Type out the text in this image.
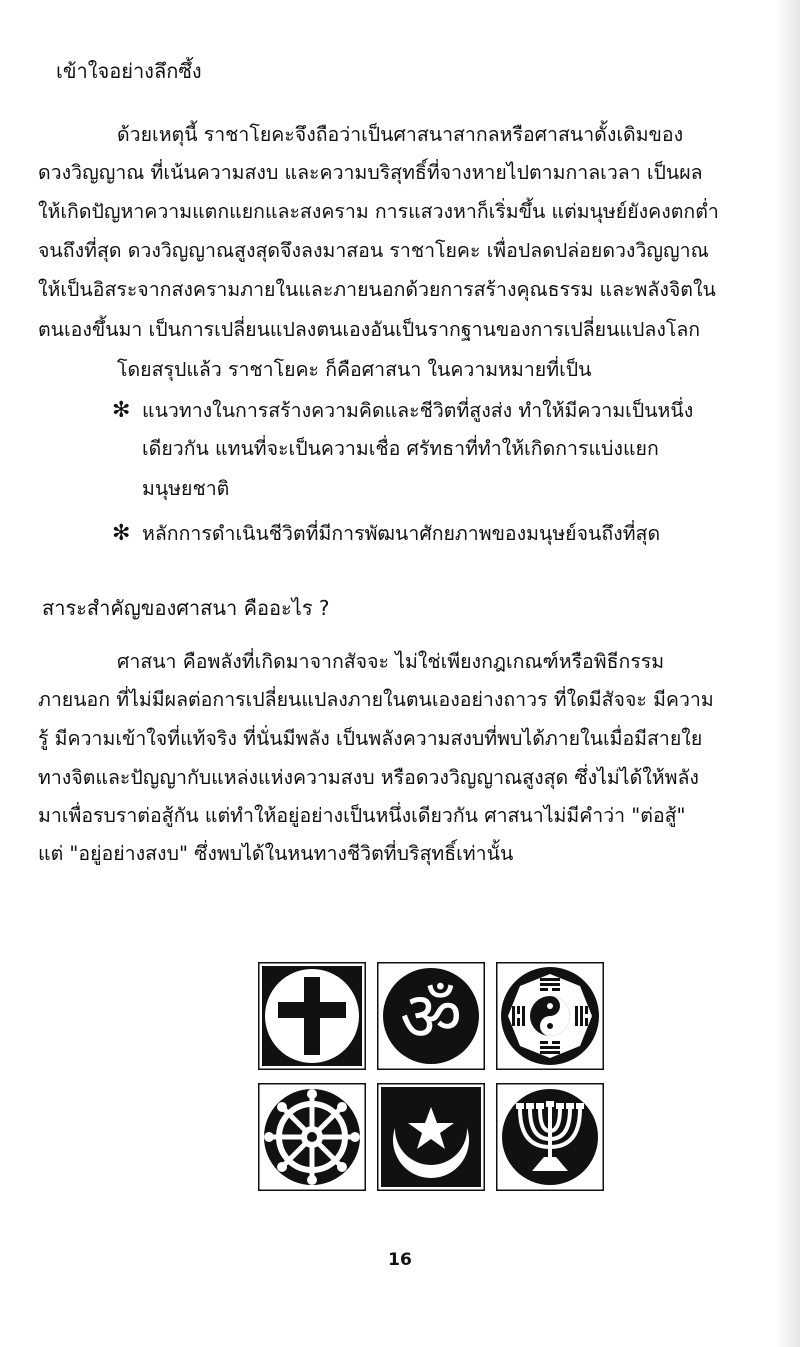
เข้าใจอย่างลึกซึ้ง
ด้วยเหตุนี้ ราชาโยคะจึงถือว่าเป็นศาสนาสากลหรือศาสนาดั้งเดิมของ
ดวงวิญญาณ ที่เน้นความสงบ และความบริสุทธิ์ที่จางหายไปตามกาลเวลา เป็นผล
ให้เกิดปัญหาความแตกแยกและสงคราม การแสวงหาก็เริ่มขึ้น แต่มนุษย์ยังคงตกต่ำ
จนถึงที่สุด ดวงวิญญาณสูงสุดจึงลงมาสอน ราชาโยคะ เพื่อปลดปล่อยดวงวิญญาณ
ให้เป็นอิสระจากสงครามภายในและภายนอกด้วยการสร้างคุณธรรม และพลังจิตใน
ตนเองขึ้นมา เป็นการเปลี่ยนแปลงตนเองอันเป็นรากฐานของการเปลี่ยนแปลงโลก
โดยสรุปแล้ว ราชาโยคะ ก็คือศาสนา ในความหมายที่เป็น
✻ แนวทางในการสร้างความคิดและชีวิตที่สูงส่ง ทำให้มีความเป็นหนึ่ง
เดียวกัน แทนที่จะเป็นความเชื่อ ศรัทธาที่ทำให้เกิดการแบ่งแยก
มนุษยชาติ
✻ หลักการดำเนินชีวิตที่มีการพัฒนาศักยภาพของมนุษย์จนถึงที่สุด
สาระสำคัญของศาสนา คืออะไร ?
ศาสนา คือพลังที่เกิดมาจากสัจจะ ไม่ใช่เพียงกฎเกณฑ์หรือพิธีกรรม
ภายนอก ที่ไม่มีผลต่อการเปลี่ยนแปลงภายในตนเองอย่างถาวร ที่ใดมีสัจจะ มีความ
รู้ มีความเข้าใจที่แท้จริง ที่นั่นมีพลัง เป็นพลังความสงบที่พบได้ภายในเมื่อมีสายใย
ทางจิตและปัญญากับแหล่งแห่งความสงบ หรือดวงวิญญาณสูงสุด ซึ่งไม่ได้ให้พลัง
มาเพื่อรบราต่อสู้กัน แต่ทำให้อยู่อย่างเป็นหนึ่งเดียวกัน ศาสนาไม่มีคำว่า "ต่อสู้"
แต่ "อยู่อย่างสงบ" ซึ่งพบได้ในหนทางชีวิตที่บริสุทธิ์เท่านั้น
ॐ
16
